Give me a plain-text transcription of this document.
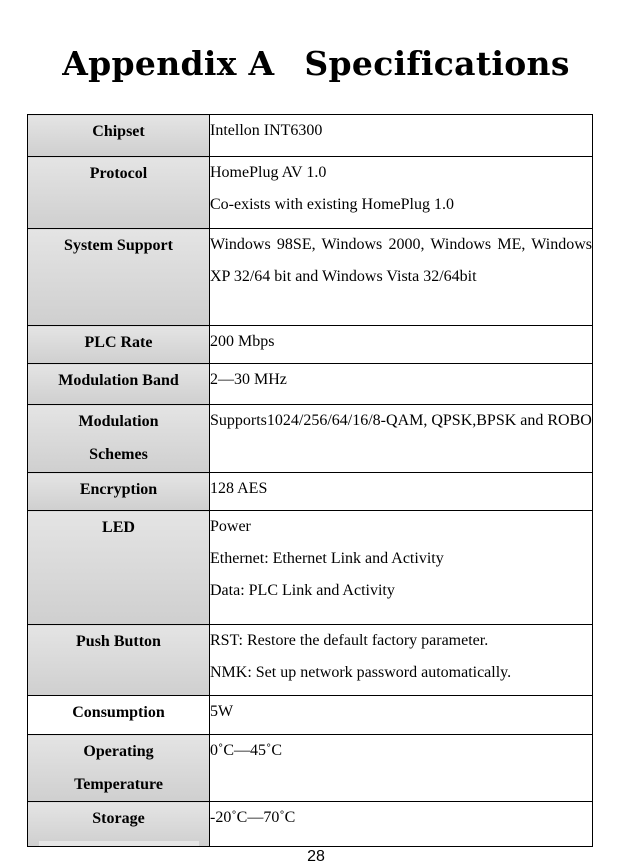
Appendix A Specifications
Chipset	Intellon INT6300

Protocol	HomePlug AV 1.0
Co-exists with existing HomePlug 1.0

System Support	Windows 98SE, Windows 2000, Windows ME, Windows XP 32/64 bit and Windows Vista 32/64bit
PLC Rate	200 Mbps

Modulation Band	2—30 MHz

Modulation Schemes	Supports1024/256/64/16/8-QAM, QPSK,BPSK and ROBO
Encryption	128 AES

LED	Power
Ethernet: Ethernet Link and Activity
Data: PLC Link and Activity

Push Button	RST: Restore the default factory parameter.
NMK: Set up network password automatically.

Consumption	5W

Operating Temperature	0˚C—45˚C

Storage	-20˚C—70˚C
28
